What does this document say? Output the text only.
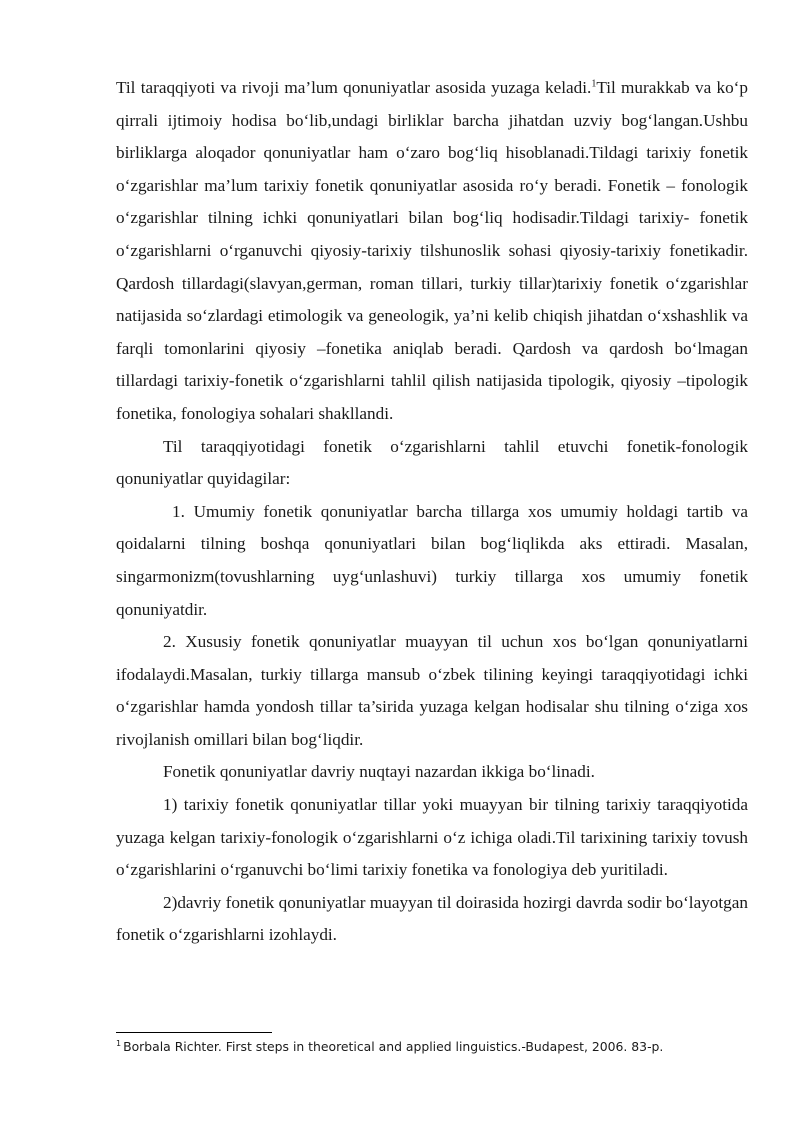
Til taraqqiyoti va rivoji ma’lum qonuniyatlar asosida yuzaga keladi.$^1$Til murakkab va ko‘p qirrali ijtimoiy hodisa bo‘lib,undagi birliklar barcha jihatdan uzviy bog‘langan.Ushbu birliklarga aloqador qonuniyatlar ham o‘zaro bog‘liq hisoblanadi.Tildagi tarixiy fonetik o‘zgarishlar ma’lum tarixiy fonetik qonuniyatlar asosida ro‘y beradi. Fonetik – fonologik o‘zgarishlar tilning ichki qonuniyatlari bilan bog‘liq hodisadir.Tildagi tarixiy- fonetik o‘zgarishlarni o‘rganuvchi qiyosiy-tarixiy tilshunoslik sohasi qiyosiy-tarixiy fonetikadir. Qardosh tillardagi(slavyan,german, roman tillari, turkiy tillar)tarixiy fonetik o‘zgarishlar natijasida so‘zlardagi etimologik va geneologik, ya’ni kelib chiqish jihatdan o‘xshashlik va farqli tomonlarini qiyosiy –fonetika aniqlab beradi. Qardosh va qardosh bo‘lmagan tillardagi tarixiy-fonetik o‘zgarishlarni tahlil qilish natijasida tipologik, qiyosiy –tipologik fonetika, fonologiya sohalari shakllandi.

Til taraqqiyotidagi fonetik o‘zgarishlarni tahlil etuvchi fonetik-fonologik qonuniyatlar quyidagilar:

1. Umumiy fonetik qonuniyatlar barcha tillarga xos umumiy holdagi tartib va qoidalarni tilning boshqa qonuniyatlari bilan bog‘liqlikda aks ettiradi. Masalan, singarmonizm(tovushlarning uyg‘unlashuvi) turkiy tillarga xos umumiy fonetik qonuniyatdir.

2. Xususiy fonetik qonuniyatlar muayyan til uchun xos bo‘lgan qonuniyatlarni ifodalaydi.Masalan, turkiy tillarga mansub o‘zbek tilining keyingi taraqqiyotidagi ichki o‘zgarishlar hamda yondosh tillar ta’sirida yuzaga kelgan hodisalar shu tilning o‘ziga xos rivojlanish omillari bilan bog‘liqdir.

Fonetik qonuniyatlar davriy nuqtayi nazardan ikkiga bo‘linadi.

1) tarixiy fonetik qonuniyatlar tillar yoki muayyan bir tilning tarixiy taraqqiyotida yuzaga kelgan tarixiy-fonologik o‘zgarishlarni o‘z ichiga oladi.Til tarixining tarixiy tovush o‘zgarishlarini o‘rganuvchi bo‘limi tarixiy fonetika va fonologiya deb yuritiladi.

2)davriy fonetik qonuniyatlar muayyan til doirasida hozirgi davrda sodir bo‘layotgan fonetik o‘zgarishlarni izohlaydi.

$^1$ Borbala Richter. First steps in theoretical and applied linguistics.-Budapest, 2006. 83-p.
